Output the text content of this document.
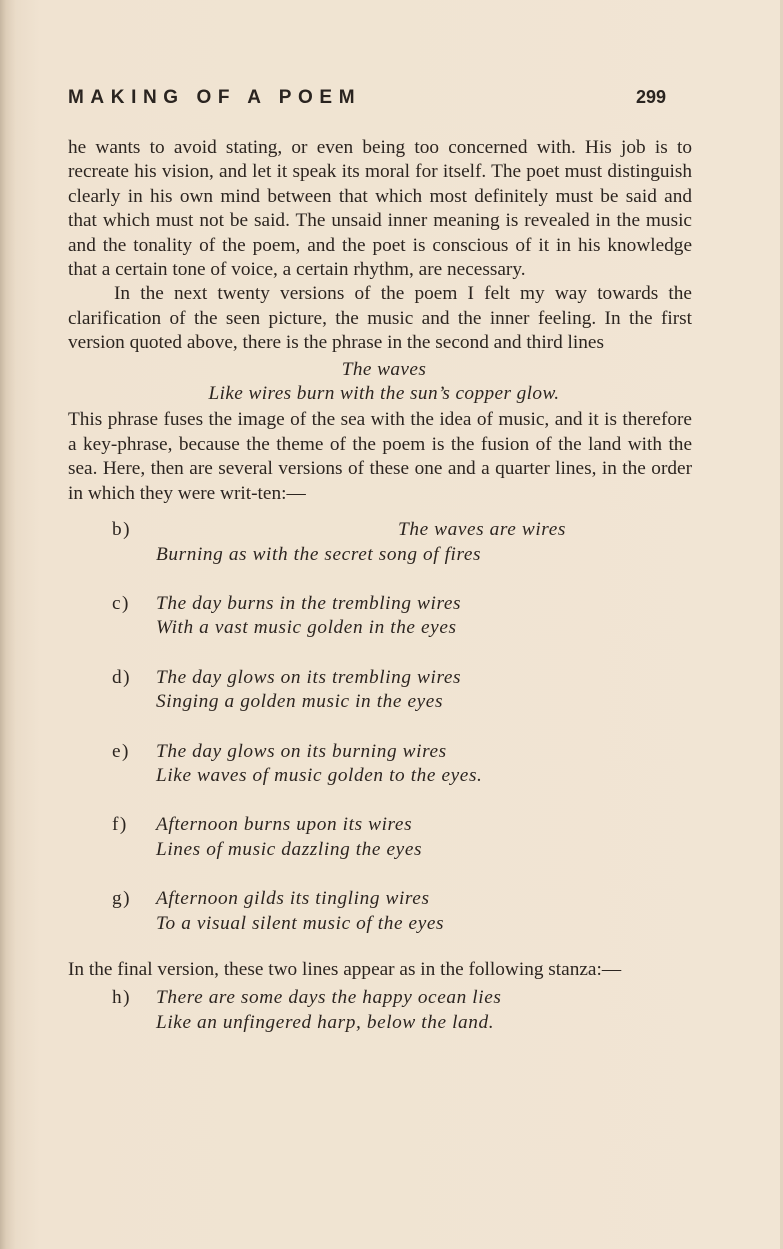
MAKING OF A POEM	299

he wants to avoid stating, or even being too concerned with. His job is to recreate his vision, and let it speak its moral for itself. The poet must distinguish clearly in his own mind between that which most definitely must be said and that which must not be said. The unsaid inner meaning is revealed in the music and the tonality of the poem, and the poet is conscious of it in his knowledge that a certain tone of voice, a certain rhythm, are necessary.

In the next twenty versions of the poem I felt my way towards the clarification of the seen picture, the music and the inner feeling. In the first version quoted above, there is the phrase in the second and third lines

The waves
Like wires burn with the sun’s copper glow.

This phrase fuses the image of the sea with the idea of music, and it is therefore a key-phrase, because the theme of the poem is the fusion of the land with the sea. Here, then are several versions of these one and a quarter lines, in the order in which they were writ-ten:—

b)	The waves are wires
Burning as with the secret song of fires
c) The day burns in the trembling wires
With a vast music golden in the eyes
d) The day glows on its trembling wires
Singing a golden music in the eyes
e) The day glows on its burning wires
Like waves of music golden to the eyes.
f) Afternoon burns upon its wires
Lines of music dazzling the eyes
g) Afternoon gilds its tingling wires
To a visual silent music of the eyes

In the final version, these two lines appear as in the following stanza:—

h) There are some days the happy ocean lies
Like an unfingered harp, below the land.
